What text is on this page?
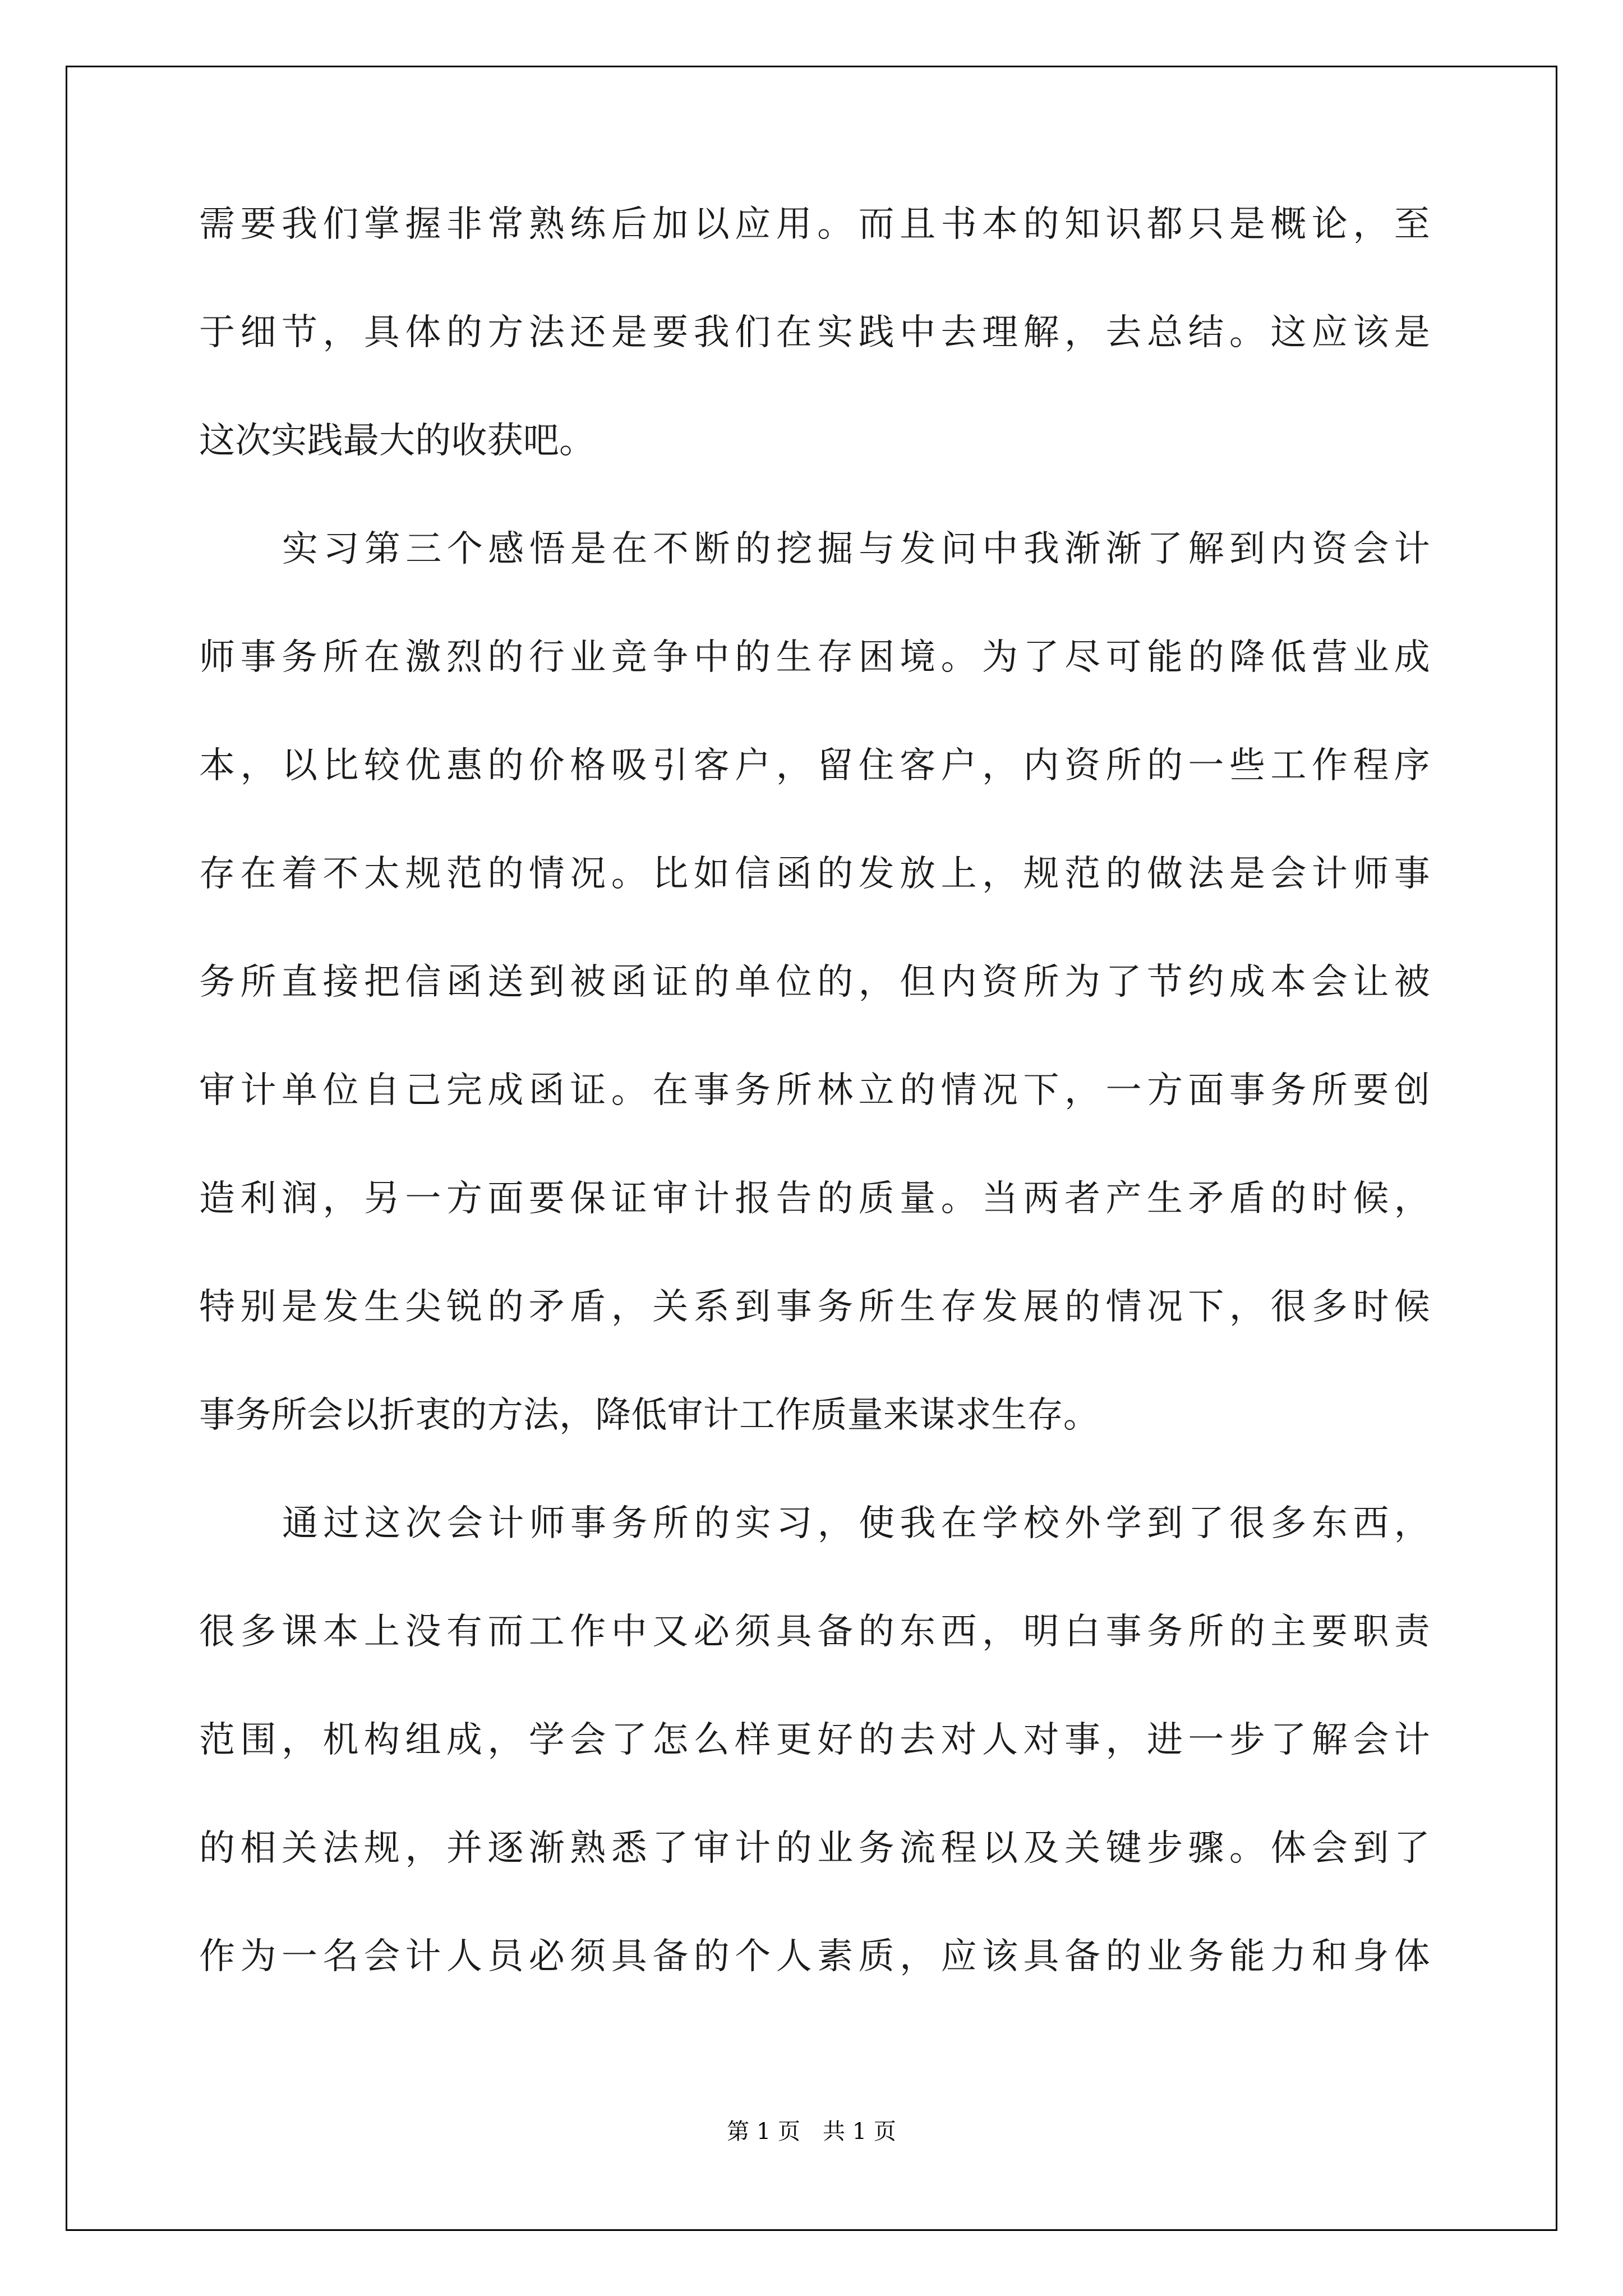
需要我们掌握非常熟练后加以应用。而且书本的知识都只是概论，至
于细节，具体的方法还是要我们在实践中去理解，去总结。这应该是
这次实践最大的收获吧。
实习第三个感悟是在不断的挖掘与发问中我渐渐了解到内资会计
师事务所在激烈的行业竞争中的生存困境。为了尽可能的降低营业成
本，以比较优惠的价格吸引客户，留住客户，内资所的一些工作程序
存在着不太规范的情况。比如信函的发放上，规范的做法是会计师事
务所直接把信函送到被函证的单位的，但内资所为了节约成本会让被
审计单位自己完成函证。在事务所林立的情况下，一方面事务所要创
造利润，另一方面要保证审计报告的质量。当两者产生矛盾的时候，
特别是发生尖锐的矛盾，关系到事务所生存发展的情况下，很多时候
事务所会以折衷的方法，降低审计工作质量来谋求生存。
通过这次会计师事务所的实习，使我在学校外学到了很多东西，
很多课本上没有而工作中又必须具备的东西，明白事务所的主要职责
范围，机构组成，学会了怎么样更好的去对人对事，进一步了解会计
的相关法规，并逐渐熟悉了审计的业务流程以及关键步骤。体会到了
作为一名会计人员必须具备的个人素质，应该具备的业务能力和身体
第 1 页　共 1 页
